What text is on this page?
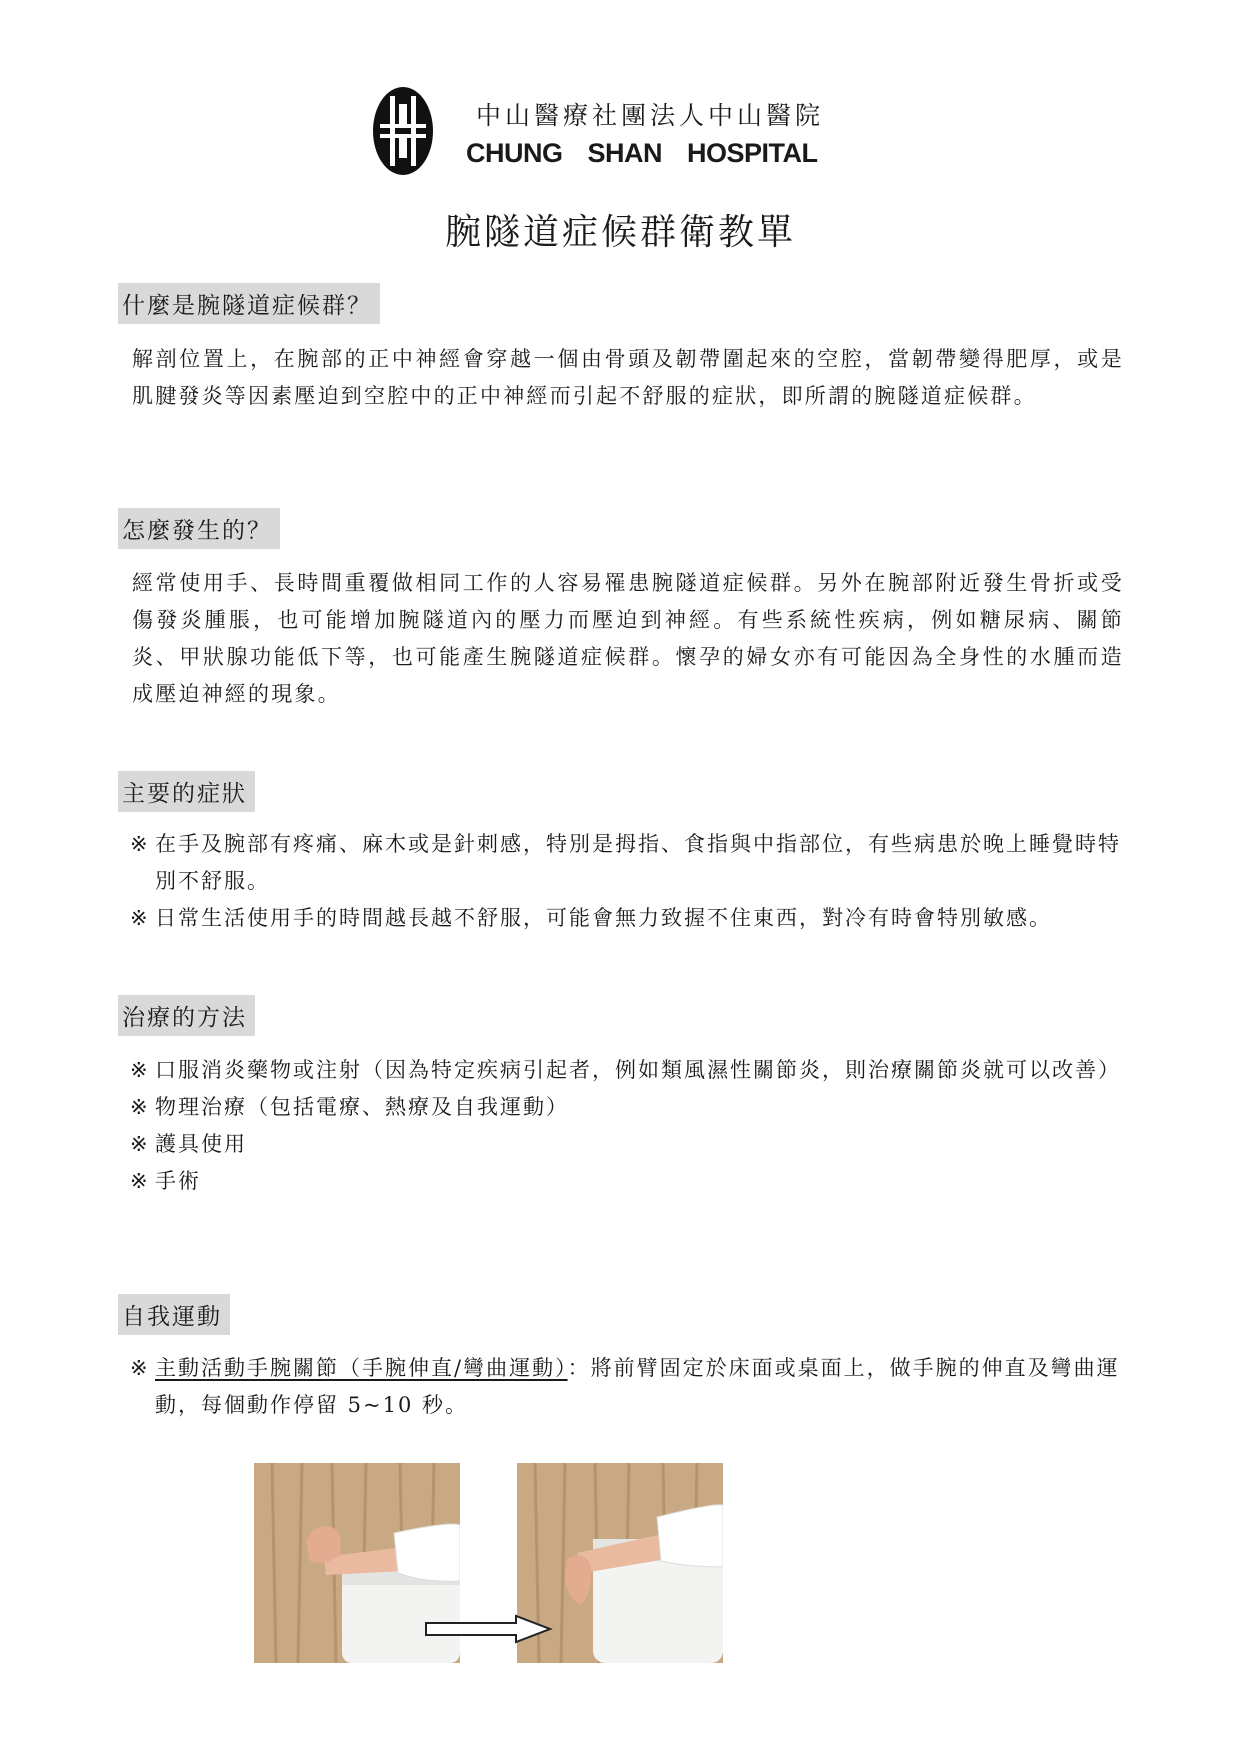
中山醫療社團法人中山醫院
CHUNG SHAN HOSPITAL
腕隧道症候群衛教單
什麼是腕隧道症候群？
解剖位置上，在腕部的正中神經會穿越一個由骨頭及韌帶圍起來的空腔，當韌帶變得肥厚，或是肌腱發炎等因素壓迫到空腔中的正中神經而引起不舒服的症狀，即所謂的腕隧道症候群。
怎麼發生的？
經常使用手、長時間重覆做相同工作的人容易罹患腕隧道症候群。另外在腕部附近發生骨折或受傷發炎腫脹，也可能增加腕隧道內的壓力而壓迫到神經。有些系統性疾病，例如糖尿病、關節炎、甲狀腺功能低下等，也可能產生腕隧道症候群。懷孕的婦女亦有可能因為全身性的水腫而造成壓迫神經的現象。
主要的症狀
※ 在手及腕部有疼痛、麻木或是針刺感，特別是拇指、食指與中指部位，有些病患於晚上睡覺時特別不舒服。
※ 日常生活使用手的時間越長越不舒服，可能會無力致握不住東西，對冷有時會特別敏感。
治療的方法
※ 口服消炎藥物或注射（因為特定疾病引起者，例如類風濕性關節炎，則治療關節炎就可以改善）
※ 物理治療（包括電療、熱療及自我運動）
※ 護具使用
※ 手術
自我運動
※ 主動活動手腕關節（手腕伸直/彎曲運動）：將前臂固定於床面或桌面上，做手腕的伸直及彎曲運動，每個動作停留 5~10 秒。
